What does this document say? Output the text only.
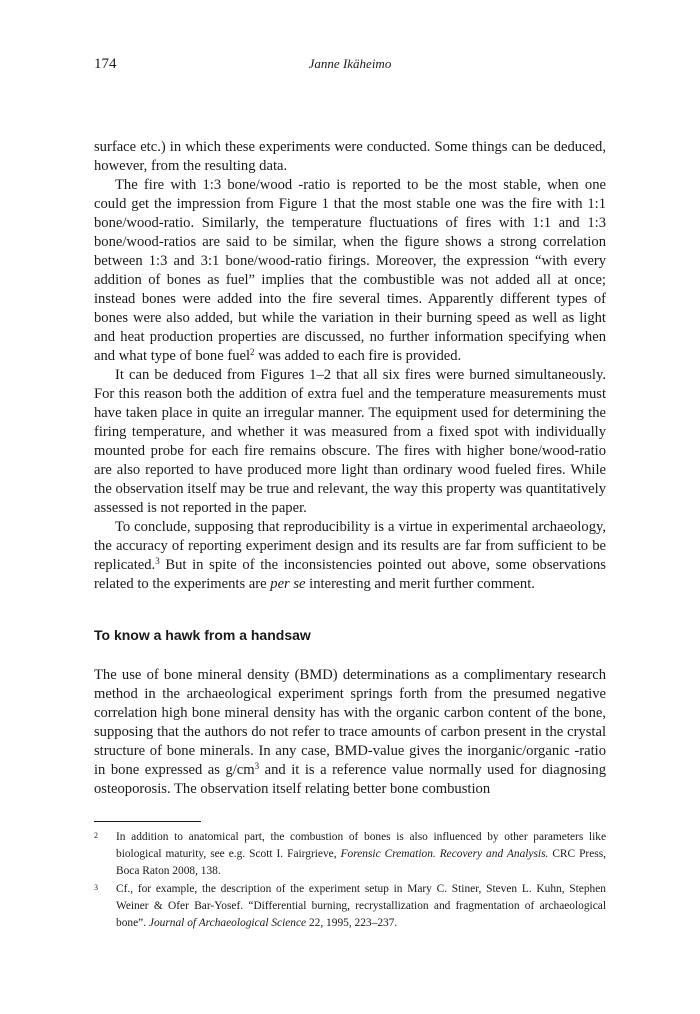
174	Janne Ikäheimo

surface etc.) in which these experiments were conducted. Some things can be deduced, however, from the resulting data.

The fire with 1:3 bone/wood -ratio is reported to be the most stable, when one could get the impression from Figure 1 that the most stable one was the fire with 1:1 bone/wood-ratio. Similarly, the temperature fluctuations of fires with 1:1 and 1:3 bone/wood-ratios are said to be similar, when the figure shows a strong correlation between 1:3 and 3:1 bone/wood-ratio firings. Moreover, the expression “with every addition of bones as fuel” implies that the combustible was not added all at once; instead bones were added into the fire several times. Apparently different types of bones were also added, but while the variation in their burning speed as well as light and heat production properties are discussed, no further information specifying when and what type of bone fuel$^2$ was added to each fire is provided.

It can be deduced from Figures 1–2 that all six fires were burned simultaneously. For this reason both the addition of extra fuel and the temperature measurements must have taken place in quite an irregular manner. The equipment used for determining the firing temperature, and whether it was measured from a fixed spot with individually mounted probe for each fire remains obscure. The fires with higher bone/wood-ratio are also reported to have produced more light than ordinary wood fueled fires. While the observation itself may be true and relevant, the way this property was quantitatively assessed is not reported in the paper.

To conclude, supposing that reproducibility is a virtue in experimental archaeology, the accuracy of reporting experiment design and its results are far from sufficient to be replicated.$^3$ But in spite of the inconsistencies pointed out above, some observations related to the experiments are per se interesting and merit further comment.

To know a hawk from a handsaw

The use of bone mineral density (BMD) determinations as a complimentary research method in the archaeological experiment springs forth from the presumed negative correlation high bone mineral density has with the organic carbon content of the bone, supposing that the authors do not refer to trace amounts of carbon present in the crystal structure of bone minerals. In any case, BMD-value gives the inorganic/organic -ratio in bone expressed as $g/cm^3$ and it is a reference value normally used for diagnosing osteoporosis. The observation itself relating better bone combustion

2 In addition to anatomical part, the combustion of bones is also influenced by other parameters like biological maturity, see e.g. Scott I. Fairgrieve, Forensic Cremation. Recovery and Analysis. CRC Press, Boca Raton 2008, 138.
3 Cf., for example, the description of the experiment setup in Mary C. Stiner, Steven L. Kuhn, Stephen Weiner & Ofer Bar-Yosef. “Differential burning, recrystallization and fragmentation of archaeological bone”. Journal of Archaeological Science 22, 1995, 223–237.
